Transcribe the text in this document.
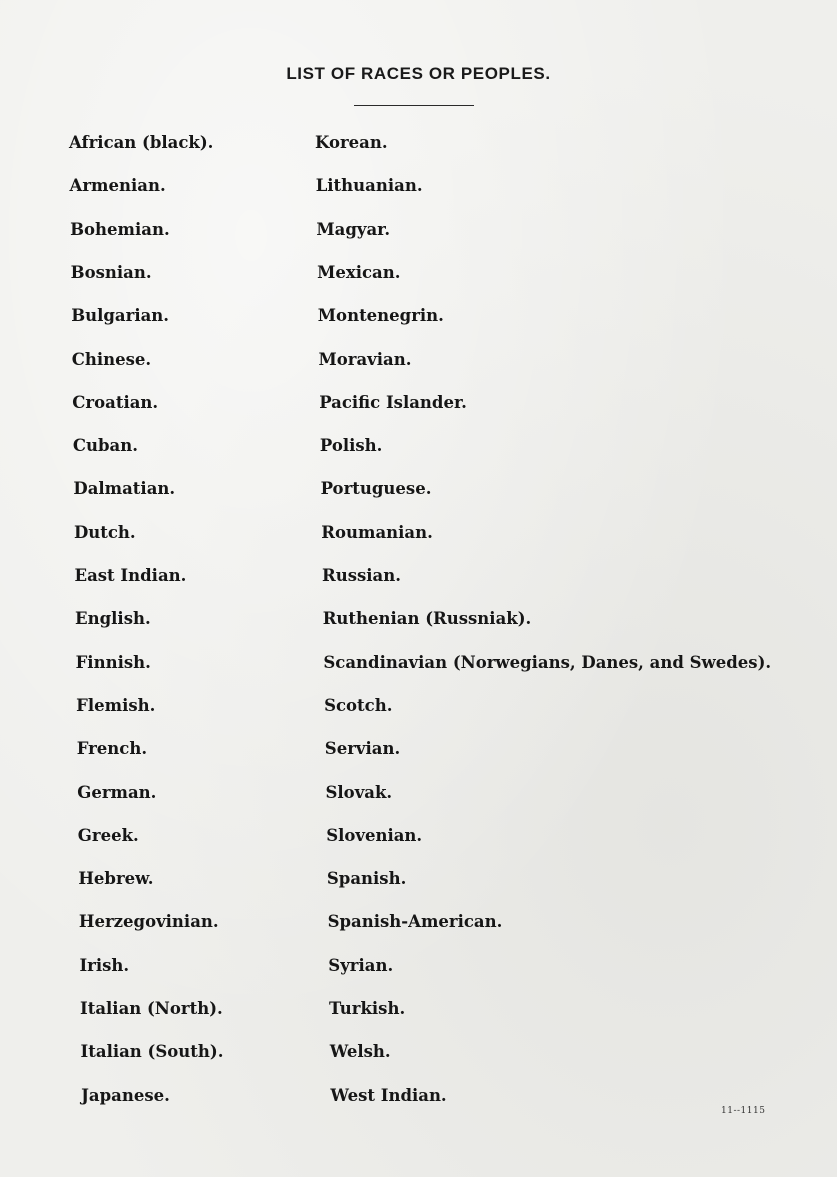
LIST OF RACES OR PEOPLES.
African (black).
Armenian.
Bohemian.
Bosnian.
Bulgarian.
Chinese.
Croatian.
Cuban.
Dalmatian.
Dutch.
East Indian.
English.
Finnish.
Flemish.
French.
German.
Greek.
Hebrew.
Herzegovinian.
Irish.
Italian (North).
Italian (South).
Japanese.
Korean.
Lithuanian.
Magyar.
Mexican.
Montenegrin.
Moravian.
Pacific Islander.
Polish.
Portuguese.
Roumanian.
Russian.
Ruthenian (Russniak).
Scandinavian (Norwegians, Danes, and Swedes).
Scotch.
Servian.
Slovak.
Slovenian.
Spanish.
Spanish-American.
Syrian.
Turkish.
Welsh.
West Indian.
11--1115
